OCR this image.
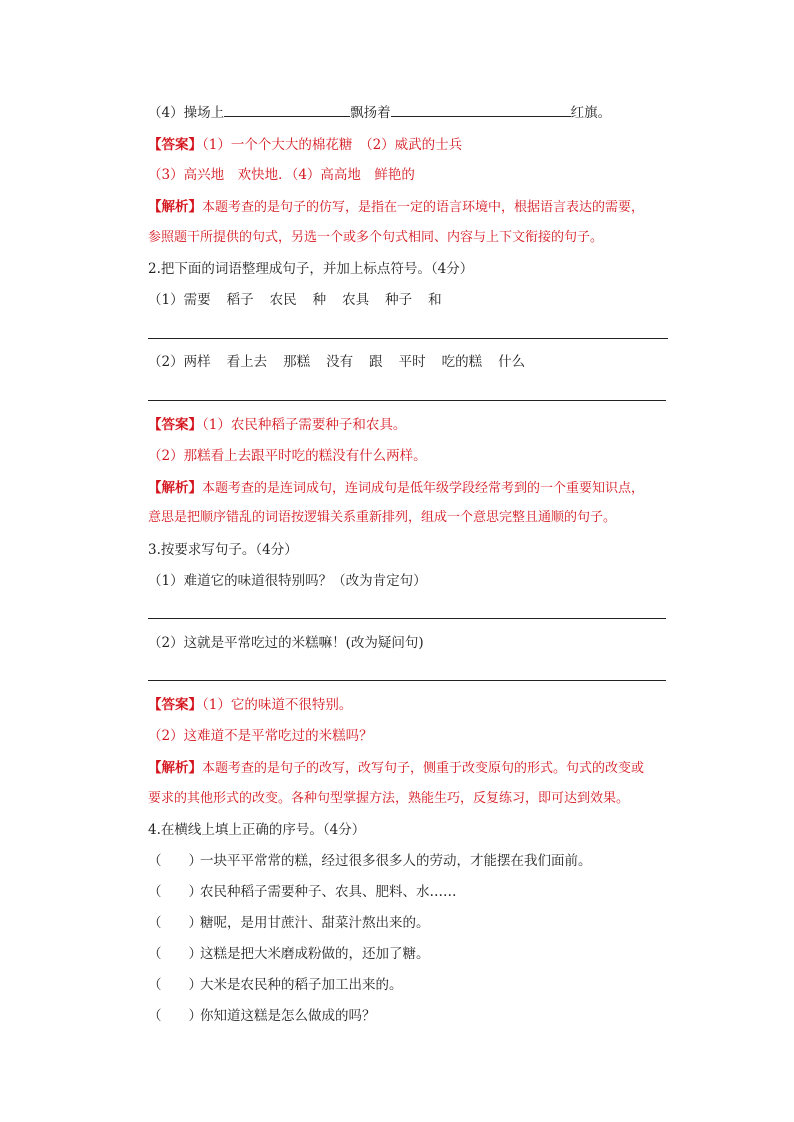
（4）操场上	飘扬着	红旗。
【答案】（1）一个个大大的棉花糖　（2）威武的士兵
（3）高兴地　欢快地．（4）高高地　鲜艳的
【解析】本题考查的是句子的仿写，是指在一定的语言环境中，根据语言表达的需要，
参照题干所提供的句式，另选一个或多个句式相同、内容与上下文衔接的句子。
2.把下面的词语整理成句子，并加上标点符号。（4分）
（1）需要 稻子 农民 种 农具 种子 和
（2）两样 看上去 那糕 没有 跟 平时 吃的糕 什么
【答案】（1）农民种稻子需要种子和农具。
（2）那糕看上去跟平时吃的糕没有什么两样。
【解析】本题考查的是连词成句，连词成句是低年级学段经常考到的一个重要知识点，
意思是把顺序错乱的词语按逻辑关系重新排列，组成一个意思完整且通顺的句子。
3.按要求写句子。（4分）
（1）难道它的味道很特别吗？（改为肯定句）
（2）这就是平常吃过的米糕嘛！(改为疑问句)
【答案】（1）它的味道不很特别。
（2）这难道不是平常吃过的米糕吗？
【解析】本题考查的是句子的改写，改写句子，侧重于改变原句的形式。句式的改变或
要求的其他形式的改变。各种句型掌握方法，熟能生巧，反复练习，即可达到效果。
4.在横线上填上正确的序号。（4分）
（　　）一块平平常常的糕，经过很多很多人的劳动，才能摆在我们面前。
（　　）农民种稻子需要种子、农具、肥料、水……
（　　）糖呢，是用甘蔗汁、甜菜汁熬出来的。
（　　）这糕是把大米磨成粉做的，还加了糖。
（　　）大米是农民种的稻子加工出来的。
（　　）你知道这糕是怎么做成的吗？
